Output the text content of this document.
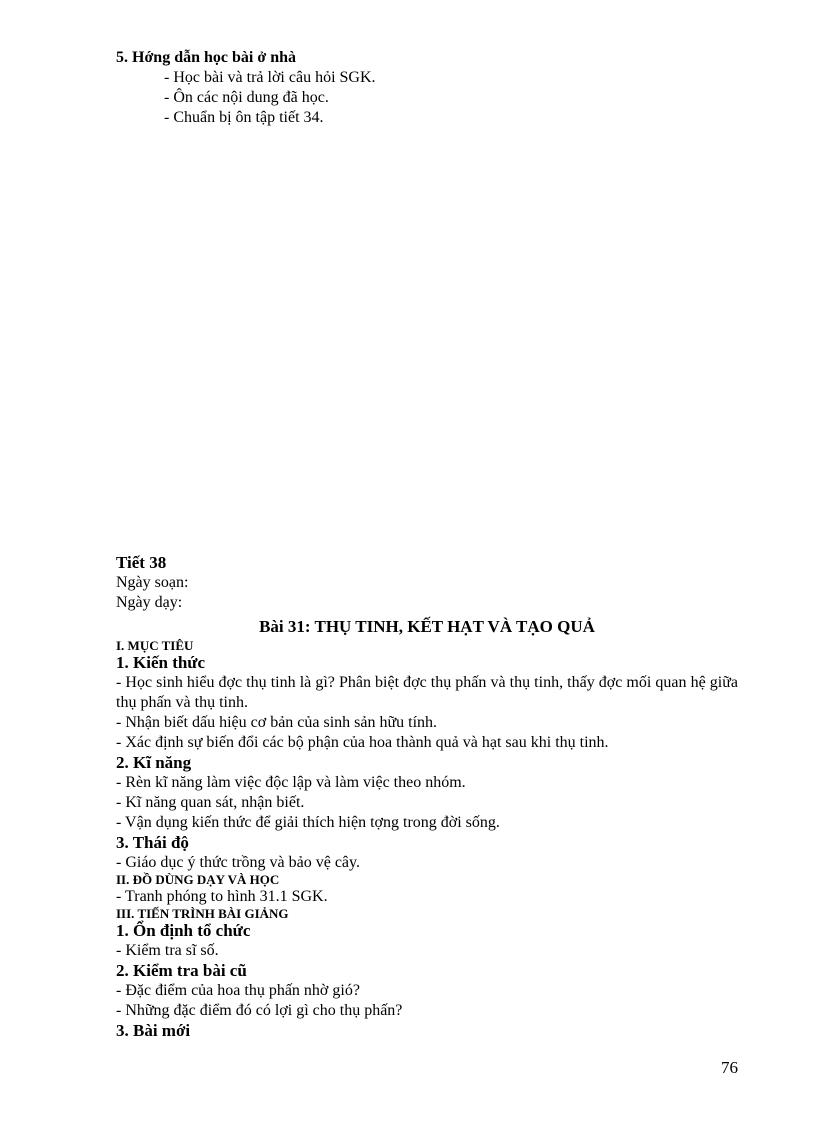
5. Hớng dẫn học bài ở nhà
- Học bài và trả lời câu hỏi SGK.
- Ôn các nội dung đã học.
- Chuẩn bị ôn tập tiết 34.
Tiết 38
Ngày soạn:
Ngày dạy:
Bài 31: THỤ TINH, KẾT HẠT VÀ TẠO QUẢ
I. MỤC TIÊU
1. Kiến thức
- Học sinh hiểu đợc thụ tinh là gì? Phân biệt đợc thụ phấn và thụ tinh, thấy đợc mối quan hệ giữa thụ phấn và thụ tinh.
- Nhận biết dấu hiệu cơ bản của sinh sản hữu tính.
- Xác định sự biến đổi các bộ phận của hoa thành quả và hạt sau khi thụ tinh.
2. Kĩ năng
- Rèn kĩ năng làm việc độc lập và làm việc theo nhóm.
- Kĩ năng quan sát, nhận biết.
- Vận dụng kiến thức để giải thích hiện tợng trong đời sống.
3. Thái độ
- Giáo dục ý thức trồng và bảo vệ cây.
II. ĐỒ DÙNG DẠY VÀ HỌC
- Tranh phóng to hình 31.1 SGK.
III. TIẾN TRÌNH BÀI GIẢNG
1. Ổn định tổ chức
- Kiểm tra sĩ số.
2. Kiểm tra bài cũ
- Đặc điểm của hoa thụ phấn nhờ gió?
- Những đặc điểm đó có lợi gì cho thụ phấn?
3. Bài mới
76
